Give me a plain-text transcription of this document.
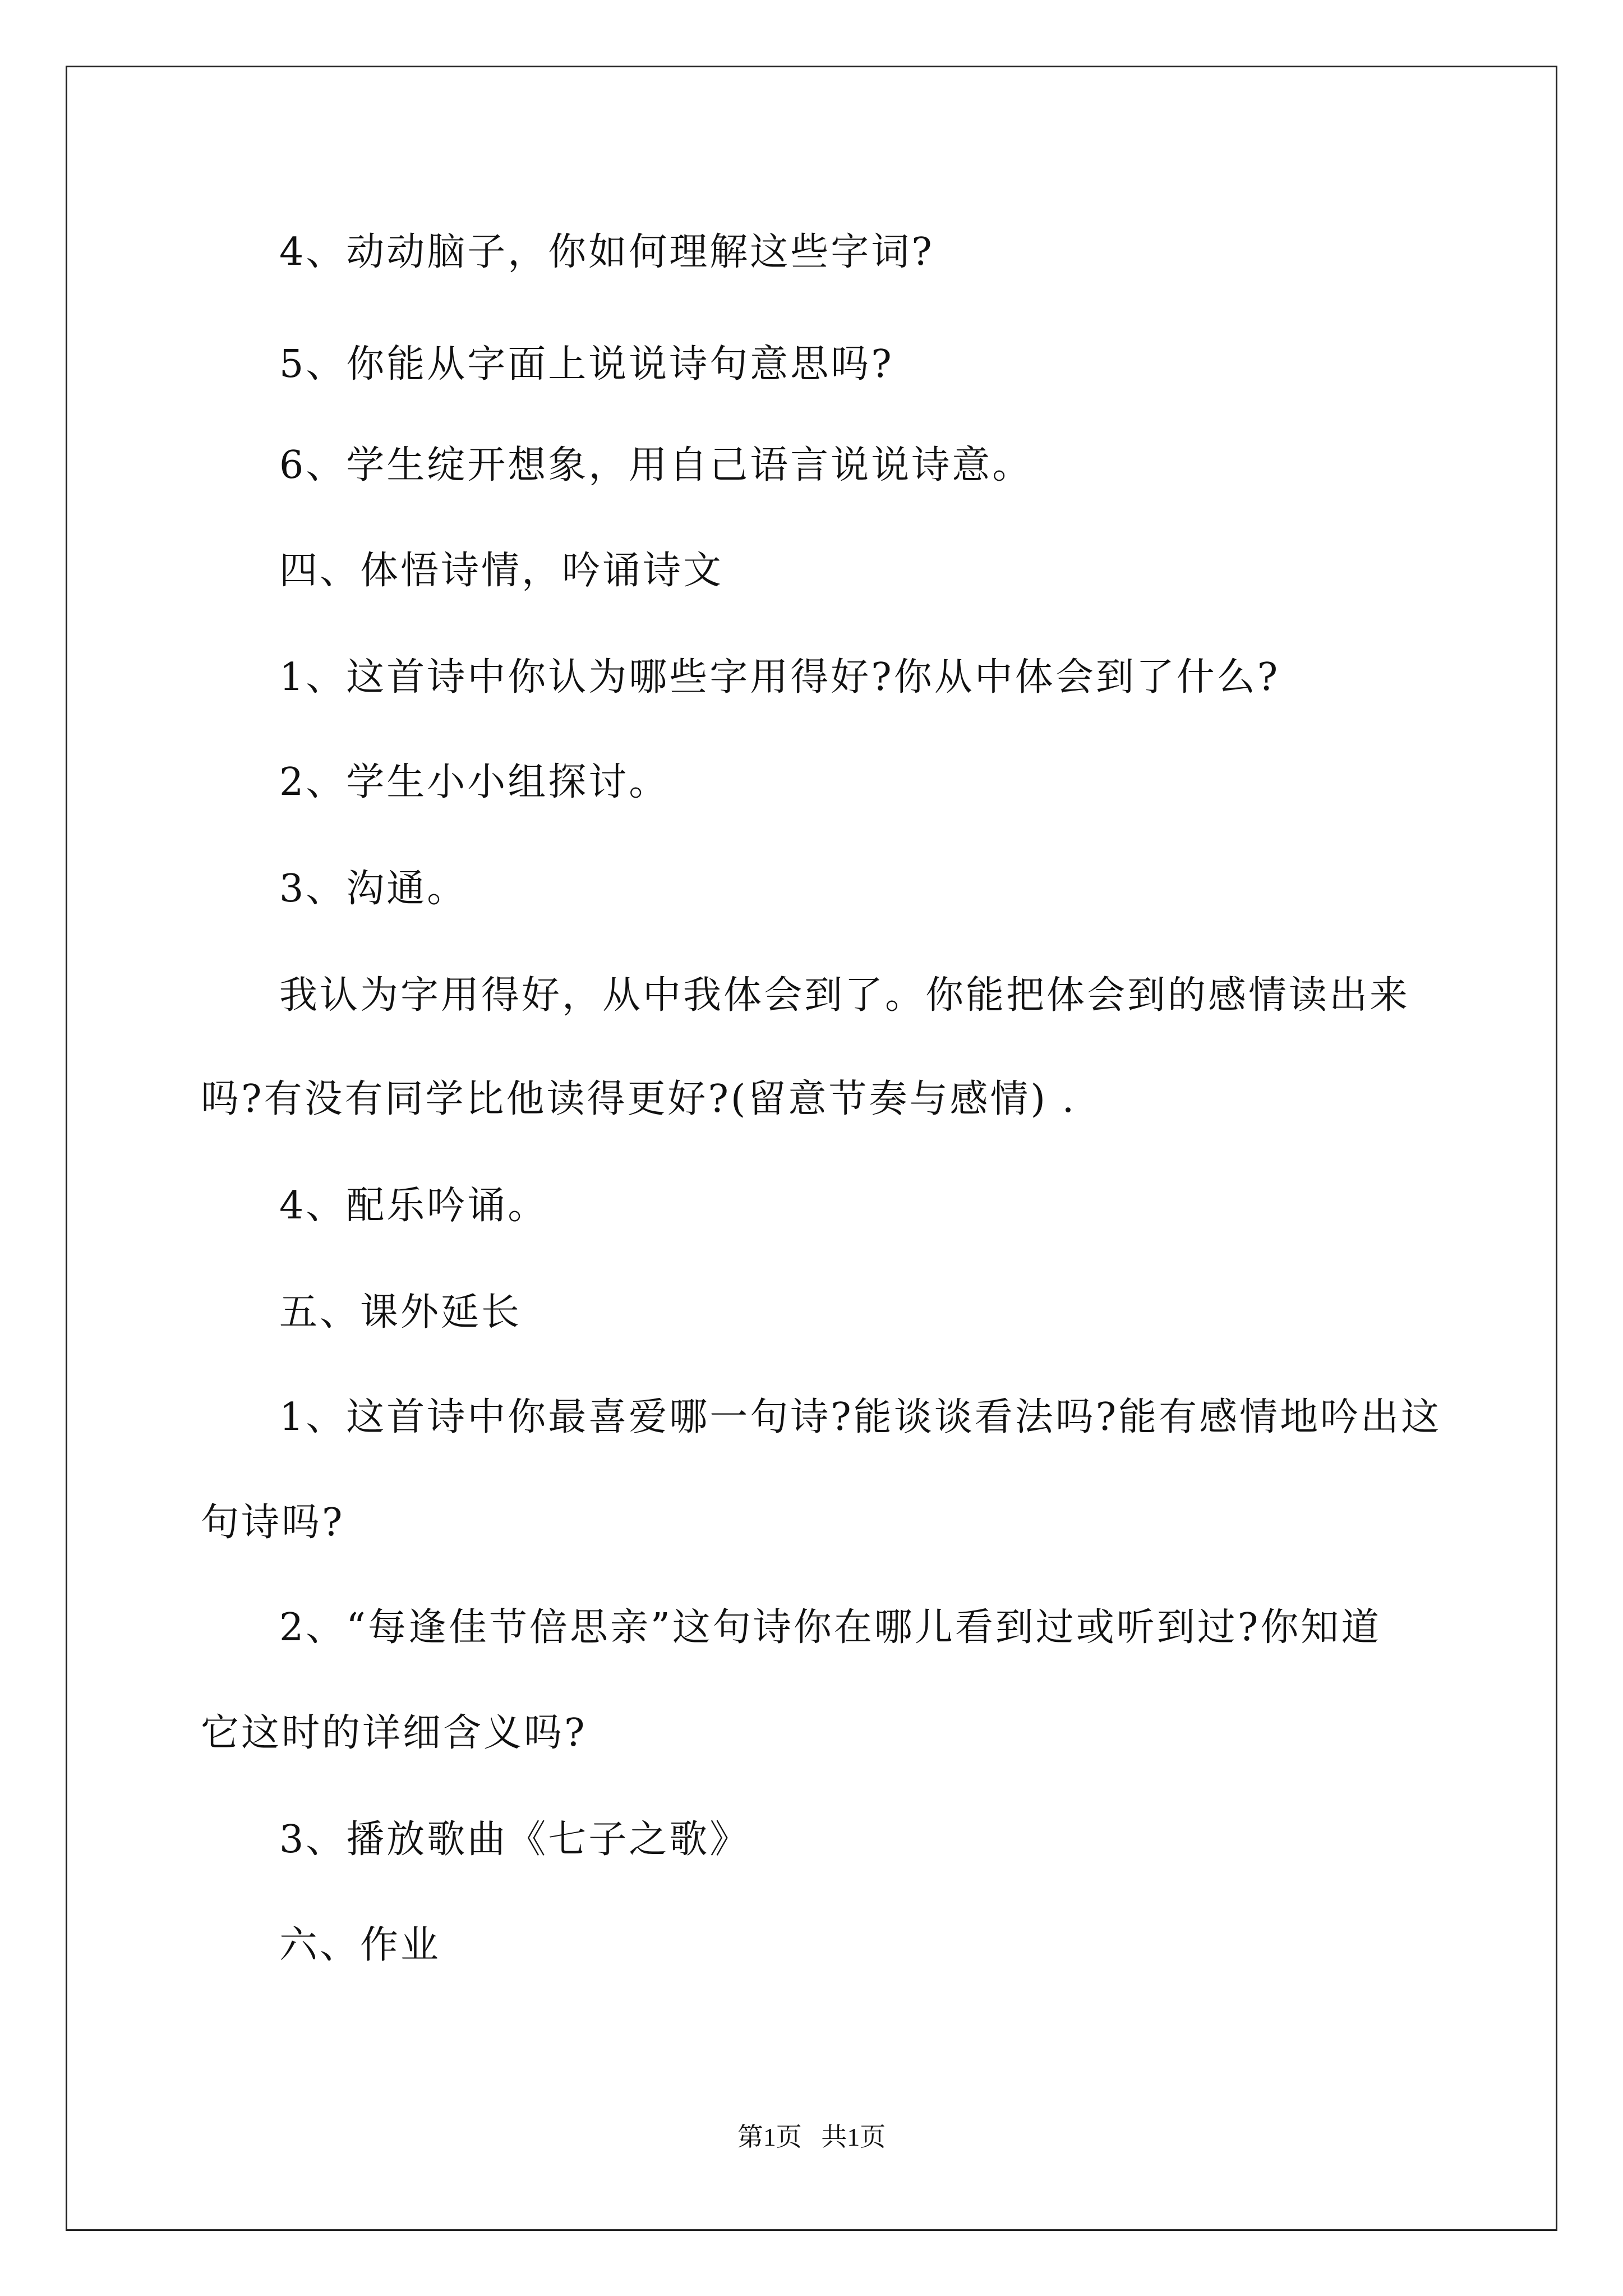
4、动动脑子，你如何理解这些字词?
5、你能从字面上说说诗句意思吗?
6、学生绽开想象，用自己语言说说诗意。
四、体悟诗情，吟诵诗文
1、这首诗中你认为哪些字用得好?你从中体会到了什么?
2、学生小小组探讨。
3、沟通。
我认为字用得好，从中我体会到了。你能把体会到的感情读出来
吗?有没有同学比他读得更好?(留意节奏与感情) .
4、配乐吟诵。
五、课外延长
1、这首诗中你最喜爱哪一句诗?能谈谈看法吗?能有感情地吟出这
句诗吗?
2、“每逢佳节倍思亲”这句诗你在哪儿看到过或听到过?你知道
它这时的详细含义吗?
3、播放歌曲《七子之歌》
六、作业
第1页   共1页
